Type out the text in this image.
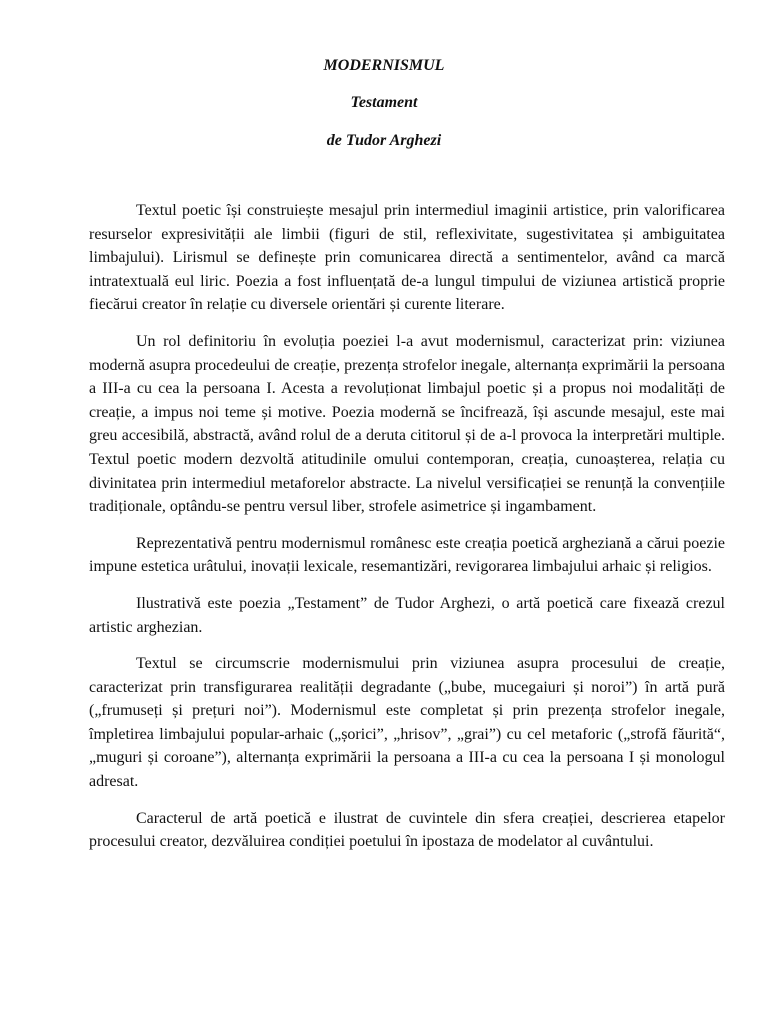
MODERNISMUL
Testament
de Tudor Arghezi

Textul poetic își construiește mesajul prin intermediul imaginii artistice, prin valorificarea resurselor expresivității ale limbii (figuri de stil, reflexivitate, sugestivitatea și ambiguitatea limbajului). Lirismul se definește prin comunicarea directă a sentimentelor, având ca marcă intratextuală eul liric. Poezia a fost influențată de-a lungul timpului de viziunea artistică proprie fiecărui creator în relație cu diversele orientări și curente literare.

Un rol definitoriu în evoluția poeziei l-a avut modernismul, caracterizat prin: viziunea modernă asupra procedeului de creație, prezența strofelor inegale, alternanța exprimării la persoana a III-a cu cea la persoana I. Acesta a revoluționat limbajul poetic și a propus noi modalități de creație, a impus noi teme și motive. Poezia modernă se încifrează, își ascunde mesajul, este mai greu accesibilă, abstractă, având rolul de a deruta cititorul și de a-l provoca la interpretări multiple. Textul poetic modern dezvoltă atitudinile omului contemporan, creația, cunoașterea, relația cu divinitatea prin intermediul metaforelor abstracte. La nivelul versificației se renunță la convențiile tradiționale, optându-se pentru versul liber, strofele asimetrice și ingambament.

Reprezentativă pentru modernismul românesc este creația poetică argheziană a cărui poezie impune estetica urâtului, inovații lexicale, resemantizări, revigorarea limbajului arhaic și religios.

Ilustrativă este poezia „Testament” de Tudor Arghezi, o artă poetică care fixează crezul artistic arghezian.

Textul se circumscrie modernismului prin viziunea asupra procesului de creație, caracterizat prin transfigurarea realității degradante („bube, mucegaiuri și noroi”) în artă pură („frumuseți și prețuri noi”). Modernismul este completat și prin prezența strofelor inegale, împletirea limbajului popular-arhaic („șorici”, „hrisov”, „grai”) cu cel metaforic („strofă făurită“, „muguri și coroane”), alternanța exprimării la persoana a III-a cu cea la persoana I și monologul adresat.

Caracterul de artă poetică e ilustrat de cuvintele din sfera creației, descrierea etapelor procesului creator, dezvăluirea condiției poetului în ipostaza de modelator al cuvântului.
